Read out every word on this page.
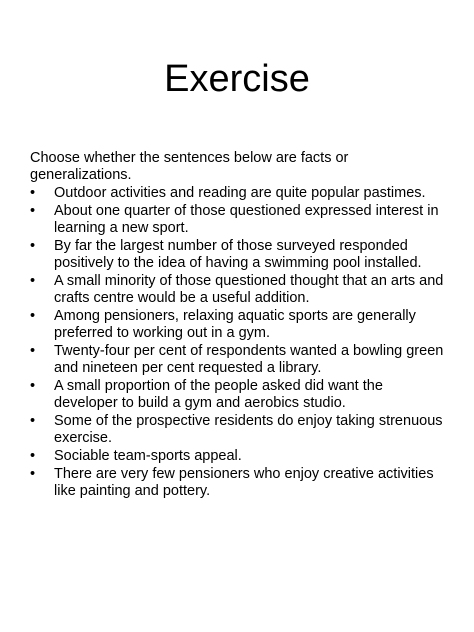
Exercise

Choose whether the sentences below are facts or generalizations.

• Outdoor activities and reading are quite popular pastimes.
• About one quarter of those questioned expressed interest in learning a new sport.
• By far the largest number of those surveyed responded positively to the idea of having a swimming pool installed.
• A small minority of those questioned thought that an arts and crafts centre would be a useful addition.
• Among pensioners, relaxing aquatic sports are generally preferred to working out in a gym.
• Twenty-four per cent of respondents wanted a bowling green and nineteen per cent requested a library.
• A small proportion of the people asked did want the developer to build a gym and aerobics studio.
• Some of the prospective residents do enjoy taking strenuous exercise.
• Sociable team-sports appeal.
• There are very few pensioners who enjoy creative activities like painting and pottery.
